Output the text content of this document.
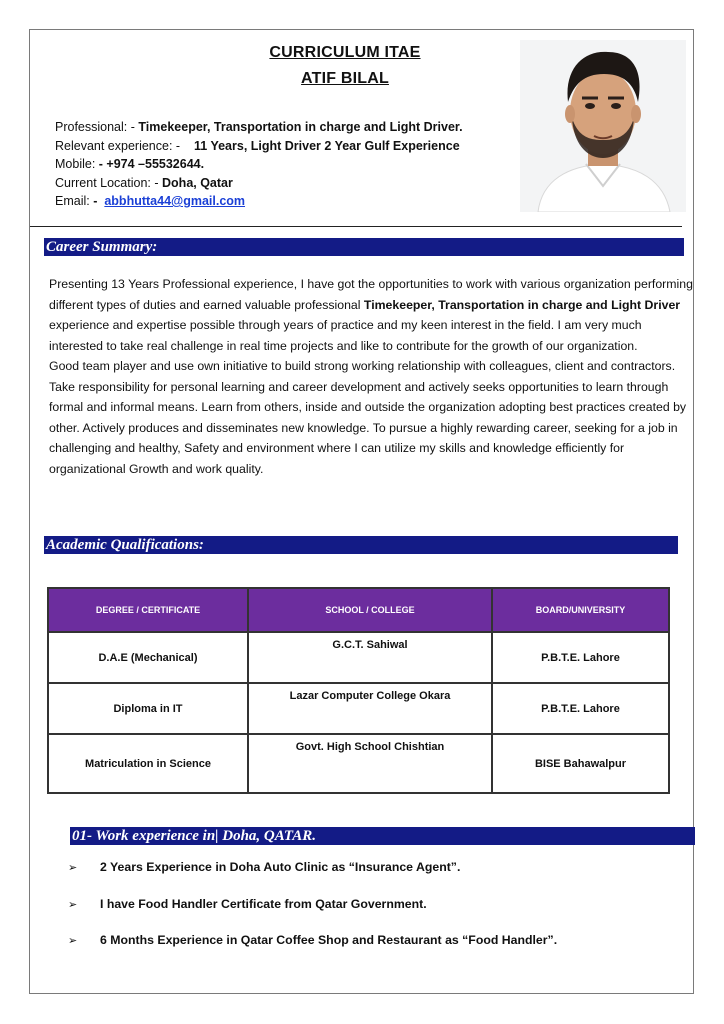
CURRICULUM ITAE
ATIF BILAL
Professional: - Timekeeper, Transportation in charge and Light Driver.
Relevant experience: - 11 Years, Light Driver 2 Year Gulf Experience
Mobile: - +974 –55532644.
Current Location: - Doha, Qatar
Email: - abbhutta44@gmail.com
Career Summary:

Presenting 13 Years Professional experience, I have got the opportunities to work with various organization performing different types of duties and earned valuable professional Timekeeper, Transportation in charge and Light Driver experience and expertise possible through years of practice and my keen interest in the field. I am very much interested to take real challenge in real time projects and like to contribute for the growth of our organization.

Good team player and use own initiative to build strong working relationship with colleagues, client and contractors. Take responsibility for personal learning and career development and actively seeks opportunities to learn through formal and informal means. Learn from others, inside and outside the organization adopting best practices created by other. Actively produces and disseminates new knowledge. To pursue a highly rewarding career, seeking for a job in challenging and healthy, Safety and environment where I can utilize my skills and knowledge efficiently for organizational Growth and work quality.

Academic Qualifications:
DEGREE / CERTIFICATE	SCHOOL / COLLEGE	BOARD/UNIVERSITY
D.A.E (Mechanical)	G.C.T. Sahiwal	P.B.T.E. Lahore
Diploma in IT	Lazar Computer College Okara	P.B.T.E. Lahore
Matriculation in Science	Govt. High School Chishtian	BISE Bahawalpur
01- Work experience in| Doha, QATAR.
➢ 2 Years Experience in Doha Auto Clinic as “Insurance Agent”.
➢ I have Food Handler Certificate from Qatar Government.
➢ 6 Months Experience in Qatar Coffee Shop and Restaurant as “Food Handler”.
